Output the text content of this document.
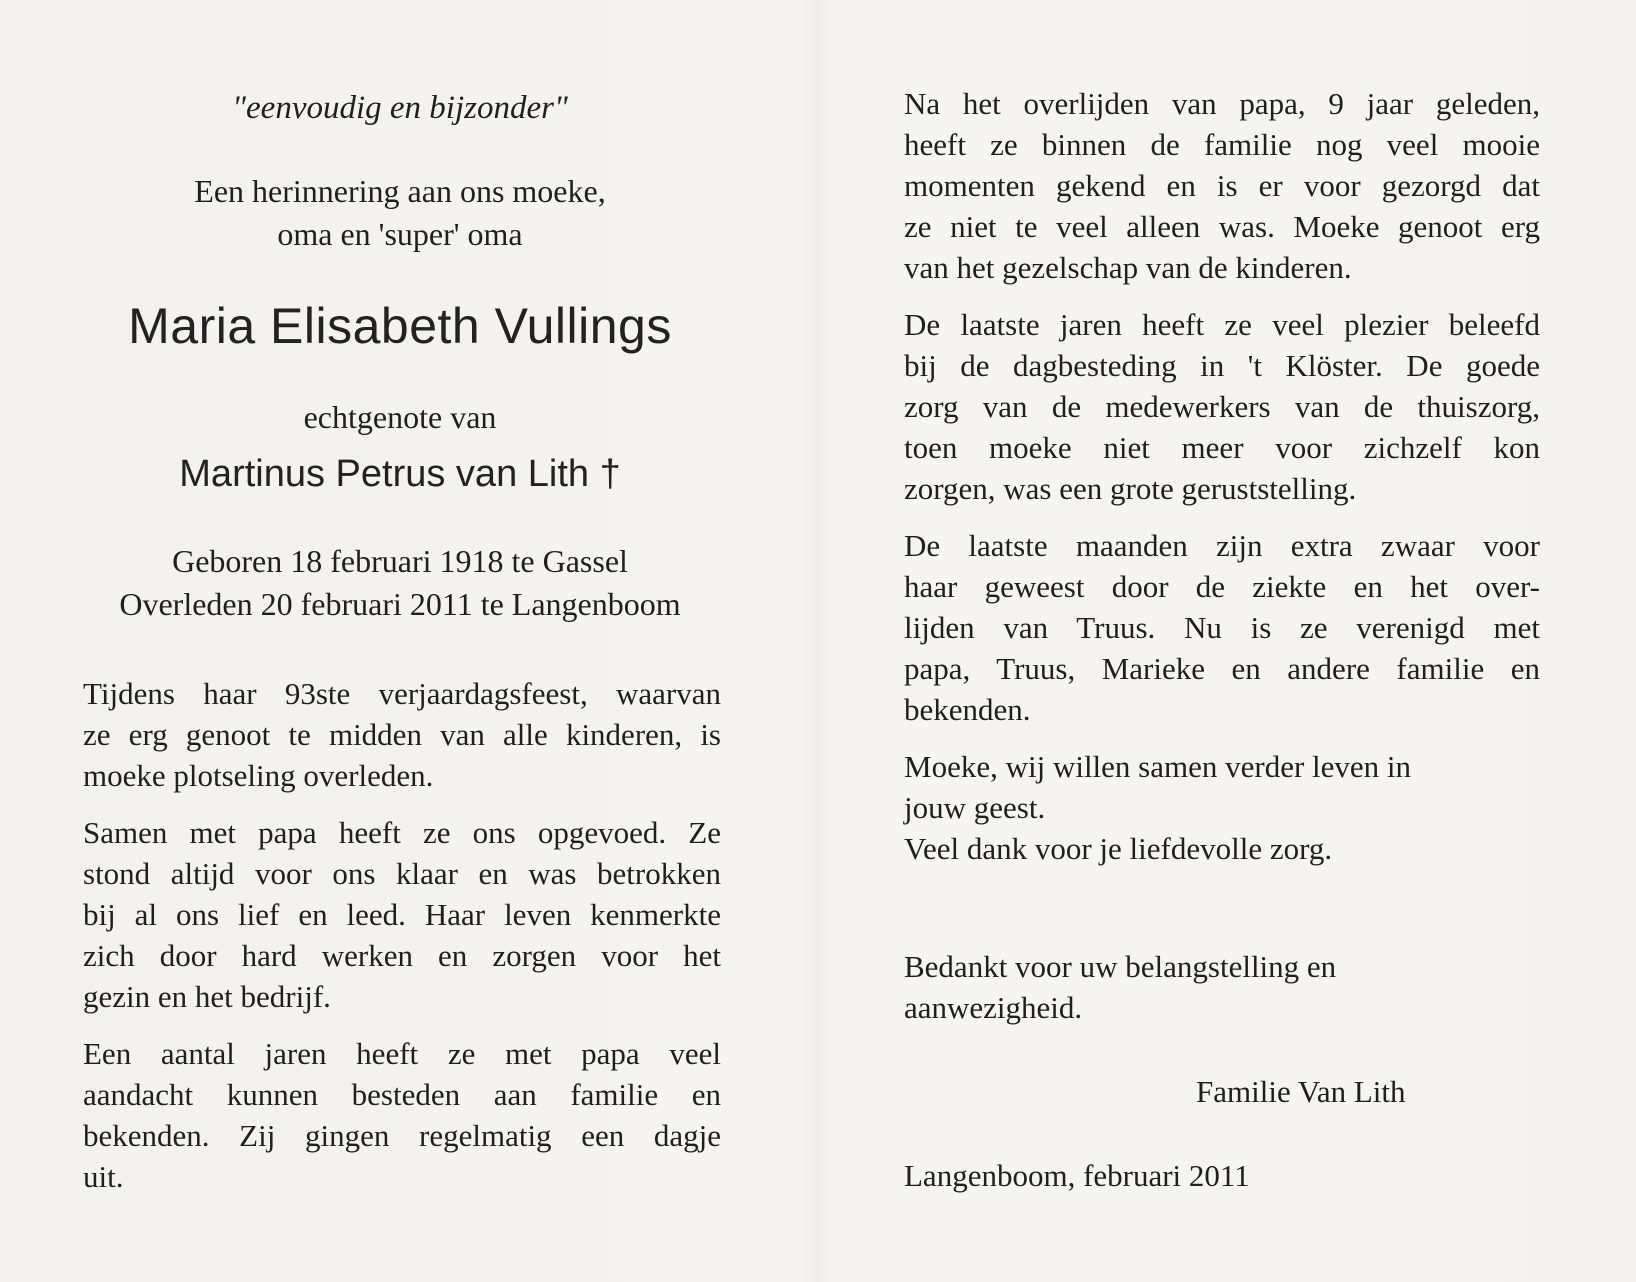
"eenvoudig en bijzonder"
Een herinnering aan ons moeke,
oma en 'super' oma
Maria Elisabeth Vullings
echtgenote van
Martinus Petrus van Lith †
Geboren 18 februari 1918 te Gassel
Overleden 20 februari 2011 te Langenboom
Tijdens haar 93ste verjaardagsfeest, waarvan
ze erg genoot te midden van alle kinderen, is
moeke plotseling overleden.
Samen met papa heeft ze ons opgevoed. Ze
stond altijd voor ons klaar en was betrokken
bij al ons lief en leed. Haar leven kenmerkte
zich door hard werken en zorgen voor het
gezin en het bedrijf.
Een aantal jaren heeft ze met papa veel
aandacht kunnen besteden aan familie en
bekenden. Zij gingen regelmatig een dagje
uit.
Na het overlijden van papa, 9 jaar geleden,
heeft ze binnen de familie nog veel mooie
momenten gekend en is er voor gezorgd dat
ze niet te veel alleen was. Moeke genoot erg
van het gezelschap van de kinderen.
De laatste jaren heeft ze veel plezier beleefd
bij de dagbesteding in 't Klöster. De goede
zorg van de medewerkers van de thuiszorg,
toen moeke niet meer voor zichzelf kon
zorgen, was een grote geruststelling.
De laatste maanden zijn extra zwaar voor
haar geweest door de ziekte en het over-
lijden van Truus. Nu is ze verenigd met
papa, Truus, Marieke en andere familie en
bekenden.
Moeke, wij willen samen verder leven in
jouw geest.
Veel dank voor je liefdevolle zorg.
Bedankt voor uw belangstelling en
aanwezigheid.
Familie Van Lith
Langenboom, februari 2011
